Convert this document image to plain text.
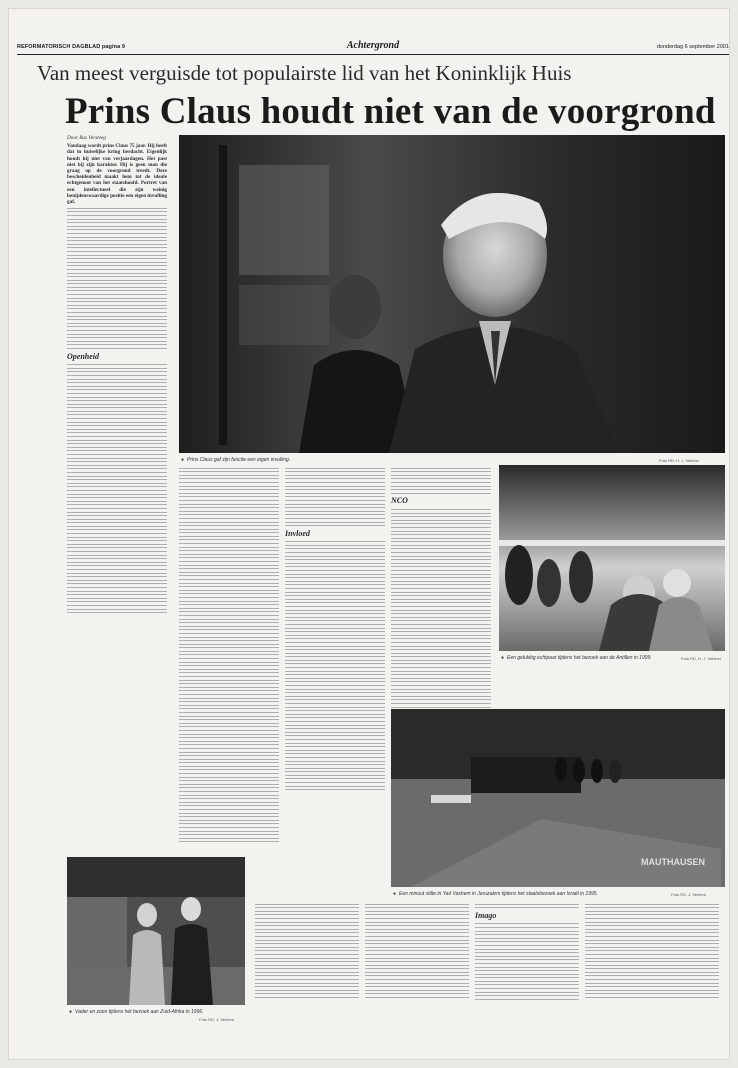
REFORMATORISCH DAGBLAD pagina 9	Achtergrond	donderdag 6 september 2001
Van meest verguisde tot populairste lid van het Koninklijk Huis
Prins Claus houdt niet van de voorgrond

Door Bas Versteeg

Vandaag wordt prins Claus 75 jaar. Hij heeft dat in huiselijke kring herdacht. Eigenlijk houdt hij niet van verjaardagen. Het past niet bij zijn karakter. Hij is geen man die graag op de voorgrond treedt. Deze bescheidenheid maakt hem tot de ideale echtgenoot van het staatshoofd. Portret van een intellectueel die zijn weinig benijdenswaardige positie een eigen invulling gaf.

Openheid
● Prins Claus gaf zijn functie een eigen invulling.	Foto RD, H. J. Vetcher
Invloed
NCO
● Een gelukkig echtpaar tijdens het bezoek aan de Antillen in 1999.	Foto RD, H. J. Vetcher
MAUTHAUSEN
● Een minuut stilte in Yad Vashem in Jeruzalem tijdens het staatsbezoek aan Israël in 1995.	Foto RD, J. Verkerk
● Vader en zoon tijdens het bezoek aan Zuid-Afrika in 1996.
Foto RD, J. Verkerk
Imago
